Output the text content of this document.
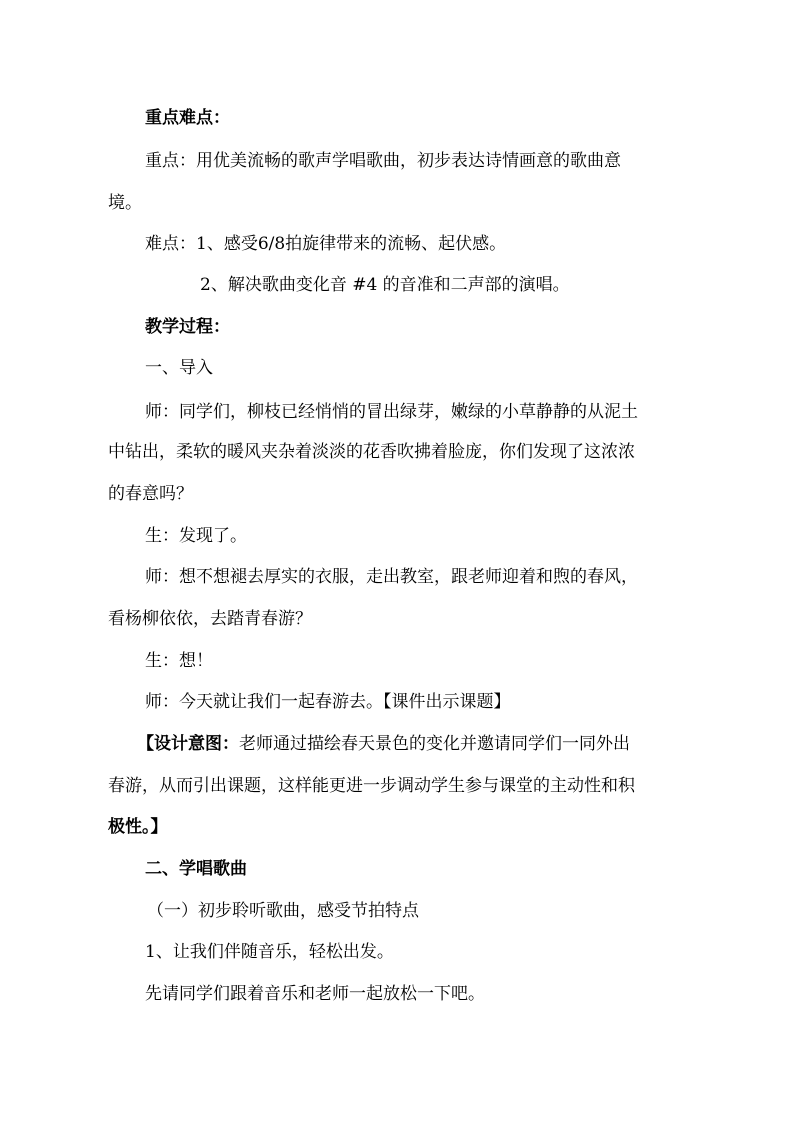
重点难点：
重点：用优美流畅的歌声学唱歌曲，初步表达诗情画意的歌曲意
境。
难点：1、感受6/8拍旋律带来的流畅、起伏感。
2、解决歌曲变化音 #4 的音准和二声部的演唱。
教学过程：
一、导入
师：同学们，柳枝已经悄悄的冒出绿芽，嫩绿的小草静静的从泥土
中钻出，柔软的暖风夹杂着淡淡的花香吹拂着脸庞，你们发现了这浓浓
的春意吗？
生：发现了。
师：想不想褪去厚实的衣服，走出教室，跟老师迎着和煦的春风，
看杨柳依依，去踏青春游？
生：想！
师：今天就让我们一起春游去。【课件出示课题】
【设计意图：老师通过描绘春天景色的变化并邀请同学们一同外出
春游，从而引出课题，这样能更进一步调动学生参与课堂的主动性和积
极性。】
二、学唱歌曲
（一）初步聆听歌曲，感受节拍特点
1、让我们伴随音乐，轻松出发。
先请同学们跟着音乐和老师一起放松一下吧。
